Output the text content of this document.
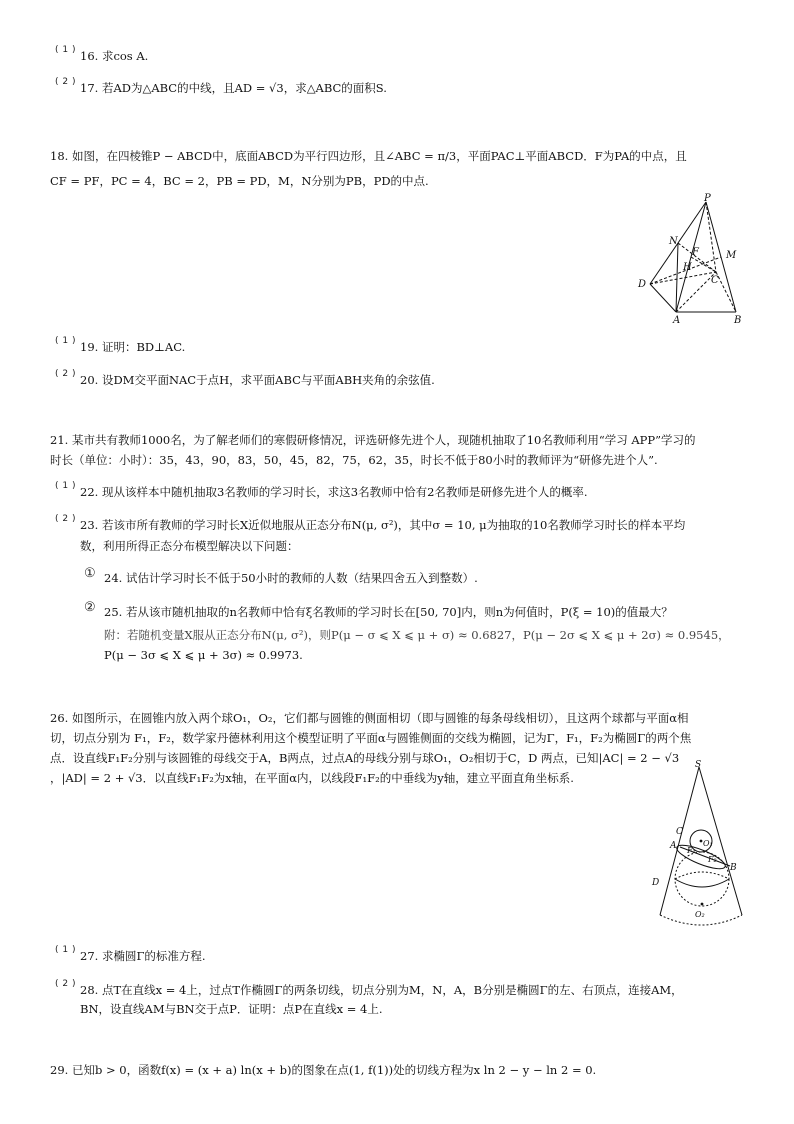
( 1 ) 16. 求cos A.
( 2 ) 17. 若AD为△ABC的中线，且AD = √3，求△ABC的面积S.
18. 如图，在四棱锥P − ABCD中，底面ABCD为平行四边形，且∠ABC = π/3，平面PAC⊥平面ABCD．F为PA的中点，且
CF = PF，PC = 4，BC = 2，PB = PD，M，N分别为PB，PD的中点.
P
N
M
F
H
C
D
A	B
( 1 ) 19. 证明：BD⊥AC.
( 2 ) 20. 设DM交平面NAC于点H，求平面ABC与平面ABH夹角的余弦值.
21. 某市共有教师1000名，为了解老师们的寒假研修情况，评选研修先进个人，现随机抽取了10名教师利用“学习 APP”学习的
时长（单位：小时）：35，43，90，83，50，45，82，75，62，35，时长不低于80小时的教师评为“研修先进个人”.
( 1 ) 22. 现从该样本中随机抽取3名教师的学习时长，求这3名教师中恰有2名教师是研修先进个人的概率.
( 2 ) 23. 若该市所有教师的学习时长X近似地服从正态分布N(μ, σ²)，其中σ = 10, μ为抽取的10名教师学习时长的样本平均
数，利用所得正态分布模型解决以下问题：
① 24. 试估计学习时长不低于50小时的教师的人数（结果四舍五入到整数）.
② 25. 若从该市随机抽取的n名教师中恰有ξ名教师的学习时长在[50, 70]内，则n为何值时，P(ξ = 10)的值最大？
附：若随机变量X服从正态分布N(μ, σ²)，则P(μ − σ ⩽ X ⩽ μ + σ) ≈ 0.6827，P(μ − 2σ ⩽ X ⩽ μ + 2σ) ≈ 0.9545，
P(μ − 3σ ⩽ X ⩽ μ + 3σ) ≈ 0.9973.
26. 如图所示，在圆锥内放入两个球O₁，O₂，它们都与圆锥的侧面相切（即与圆锥的每条母线相切），且这两个球都与平面α相
切，切点分别为 F₁，F₂，数学家丹德林利用这个模型证明了平面α与圆锥侧面的交线为椭圆，记为Γ，F₁，F₂为椭圆Γ的两个焦
点．设直线F₁F₂分别与该圆锥的母线交于A，B两点，过点A的母线分别与球O₁，O₂相切于C，D 两点，已知|AC| = 2 − √3
，|AD| = 2 + √3．以直线F₁F₂为x轴，在平面α内，以线段F₁F₂的中垂线为y轴，建立平面直角坐标系.
S
C
A	O₁
F₁
F₂
B
D
O₂
( 1 ) 27. 求椭圆Γ的标准方程.
( 2 ) 28. 点T在直线x = 4上，过点T作椭圆Γ的两条切线，切点分别为M，N，A，B分别是椭圆Γ的左、右顶点，连接AM，
BN，设直线AM与BN交于点P．证明：点P在直线x = 4上.
29. 已知b > 0，函数f(x) = (x + a) ln(x + b)的图象在点(1, f(1))处的切线方程为x ln 2 − y − ln 2 = 0.
